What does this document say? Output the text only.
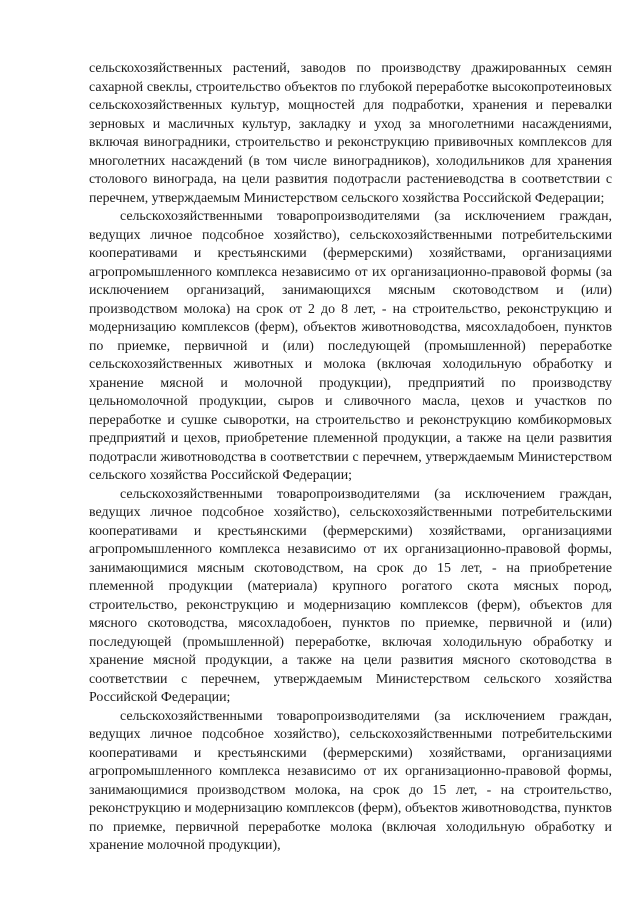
сельскохозяйственных растений, заводов по производству дражированных семян сахарной свеклы, строительство объектов по глубокой переработке высокопротеиновых сельскохозяйственных культур, мощностей для подработки, хранения и перевалки зерновых и масличных культур, закладку и уход за многолетними насаждениями, включая виноградники, строительство и реконструкцию прививочных комплексов для многолетних насаждений (в том числе виноградников), холодильников для хранения столового винограда, на цели развития подотрасли растениеводства в соответствии с перечнем, утверждаемым Министерством сельского хозяйства Российской Федерации;

сельскохозяйственными товаропроизводителями (за исключением граждан, ведущих личное подсобное хозяйство), сельскохозяйственными потребительскими кооперативами и крестьянскими (фермерскими) хозяйствами, организациями агропромышленного комплекса независимо от их организационно-правовой формы (за исключением организаций, занимающихся мясным скотоводством и (или) производством молока) на срок от 2 до 8 лет, - на строительство, реконструкцию и модернизацию комплексов (ферм), объектов животноводства, мясохладобоен, пунктов по приемке, первичной и (или) последующей (промышленной) переработке сельскохозяйственных животных и молока (включая холодильную обработку и хранение мясной и молочной продукции), предприятий по производству цельномолочной продукции, сыров и сливочного масла, цехов и участков по переработке и сушке сыворотки, на строительство и реконструкцию комбикормовых предприятий и цехов, приобретение племенной продукции, а также на цели развития подотрасли животноводства в соответствии с перечнем, утверждаемым Министерством сельского хозяйства Российской Федерации;

сельскохозяйственными товаропроизводителями (за исключением граждан, ведущих личное подсобное хозяйство), сельскохозяйственными потребительскими кооперативами и крестьянскими (фермерскими) хозяйствами, организациями агропромышленного комплекса независимо от их организационно-правовой формы, занимающимися мясным скотоводством, на срок до 15 лет, - на приобретение племенной продукции (материала) крупного рогатого скота мясных пород, строительство, реконструкцию и модернизацию комплексов (ферм), объектов для мясного скотоводства, мясохладобоен, пунктов по приемке, первичной и (или) последующей (промышленной) переработке, включая холодильную обработку и хранение мясной продукции, а также на цели развития мясного скотоводства в соответствии с перечнем, утверждаемым Министерством сельского хозяйства Российской Федерации;

сельскохозяйственными товаропроизводителями (за исключением граждан, ведущих личное подсобное хозяйство), сельскохозяйственными потребительскими кооперативами и крестьянскими (фермерскими) хозяйствами, организациями агропромышленного комплекса независимо от их организационно-правовой формы, занимающимися производством молока, на срок до 15 лет, - на строительство, реконструкцию и модернизацию комплексов (ферм), объектов животноводства, пунктов по приемке, первичной переработке молока (включая холодильную обработку и хранение молочной продукции),
